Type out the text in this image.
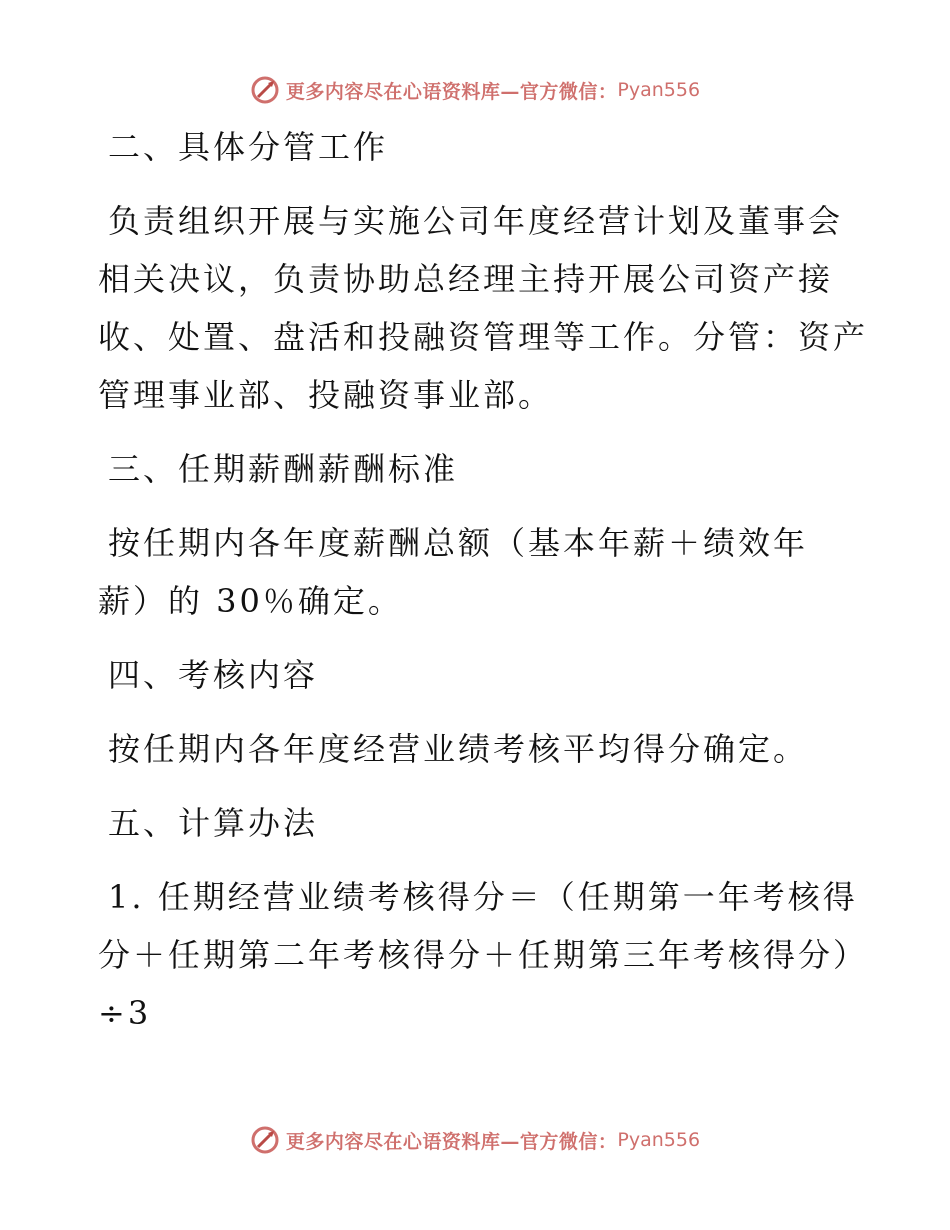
更多内容尽在心语资料库—官方微信： Pyan556
二、具体分管工作
负责组织开展与实施公司年度经营计划及董事会
相关决议，负责协助总经理主持开展公司资产接
收、处置、盘活和投融资管理等工作。分管：资产
管理事业部、投融资事业部。
三、任期薪酬薪酬标准
按任期内各年度薪酬总额（基本年薪＋绩效年
薪）的 30％确定。
四、考核内容
按任期内各年度经营业绩考核平均得分确定。
五、计算办法
1. 任期经营业绩考核得分＝（任期第一年考核得
分＋任期第二年考核得分＋任期第三年考核得分）
÷3
更多内容尽在心语资料库—官方微信： Pyan556
